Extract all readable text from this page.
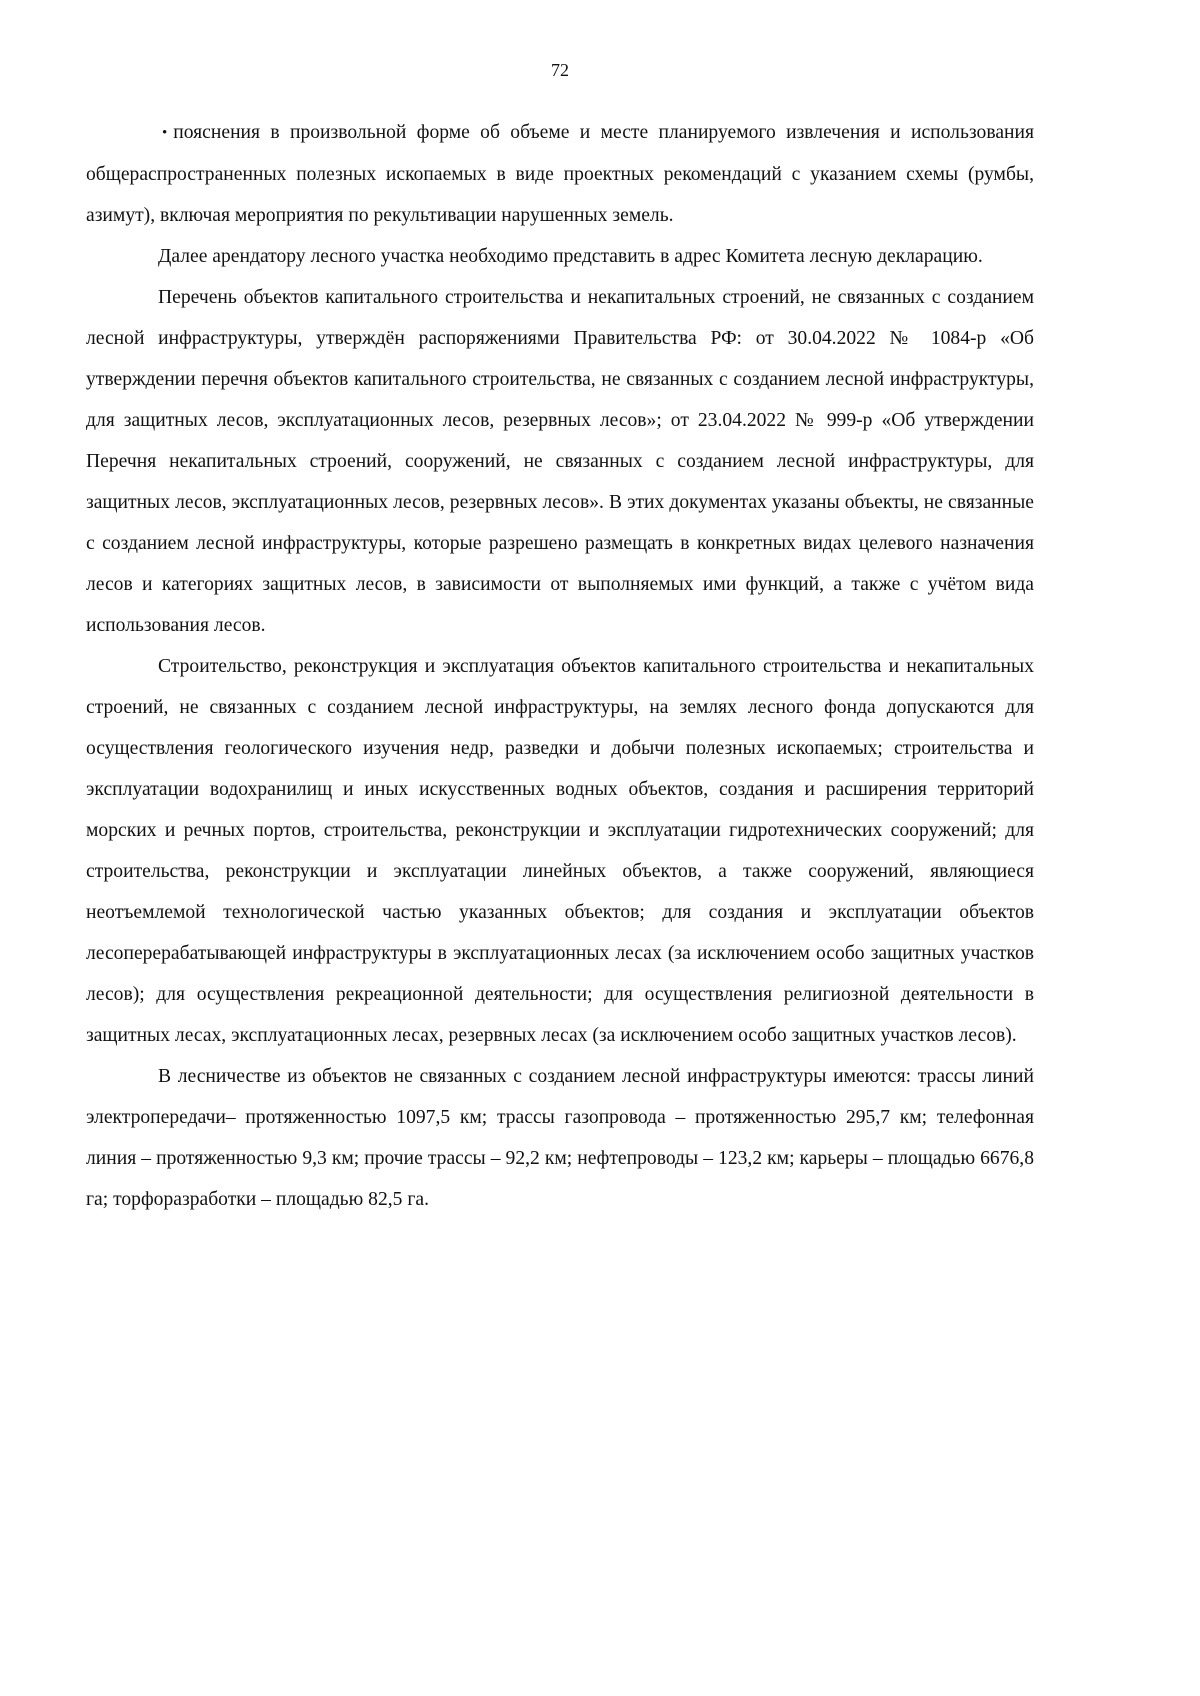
72

• пояснения в произвольной форме об объеме и месте планируемого извлечения и использования общераспространенных полезных ископаемых в виде проектных рекомендаций с указанием схемы (румбы, азимут), включая мероприятия по рекультивации нарушенных земель.

Далее арендатору лесного участка необходимо представить в адрес Комитета лесную декларацию.

Перечень объектов капитального строительства и некапитальных строений, не связанных с созданием лесной инфраструктуры, утверждён распоряжениями Правительства РФ: от 30.04.2022 № 1084-р «Об утверждении перечня объектов капитального строительства, не связанных с созданием лесной инфраструктуры, для защитных лесов, эксплуатационных лесов, резервных лесов»; от 23.04.2022 № 999-р «Об утверждении Перечня некапитальных строений, сооружений, не связанных с созданием лесной инфраструктуры, для защитных лесов, эксплуатационных лесов, резервных лесов». В этих документах указаны объекты, не связанные с созданием лесной инфраструктуры, которые разрешено размещать в конкретных видах целевого назначения лесов и категориях защитных лесов, в зависимости от выполняемых ими функций, а также с учётом вида использования лесов.

Строительство, реконструкция и эксплуатация объектов капитального строительства и некапитальных строений, не связанных с созданием лесной инфраструктуры, на землях лесного фонда допускаются для осуществления геологического изучения недр, разведки и добычи полезных ископаемых; строительства и эксплуатации водохранилищ и иных искусственных водных объектов, создания и расширения территорий морских и речных портов, строительства, реконструкции и эксплуатации гидротехнических сооружений; для строительства, реконструкции и эксплуатации линейных объектов, а также сооружений, являющиеся неотъемлемой технологической частью указанных объектов; для создания и эксплуатации объектов лесоперерабатывающей инфраструктуры в эксплуатационных лесах (за исключением особо защитных участков лесов); для осуществления рекреационной деятельности; для осуществления религиозной деятельности в защитных лесах, эксплуатационных лесах, резервных лесах (за исключением особо защитных участков лесов).

В лесничестве из объектов не связанных с созданием лесной инфраструктуры имеются: трассы линий электропередачи– протяженностью 1097,5 км; трассы газопровода – протяженностью 295,7 км; телефонная линия – протяженностью 9,3 км; прочие трассы – 92,2 км; нефтепроводы – 123,2 км; карьеры – площадью 6676,8 га; торфоразработки – площадью 82,5 га.
